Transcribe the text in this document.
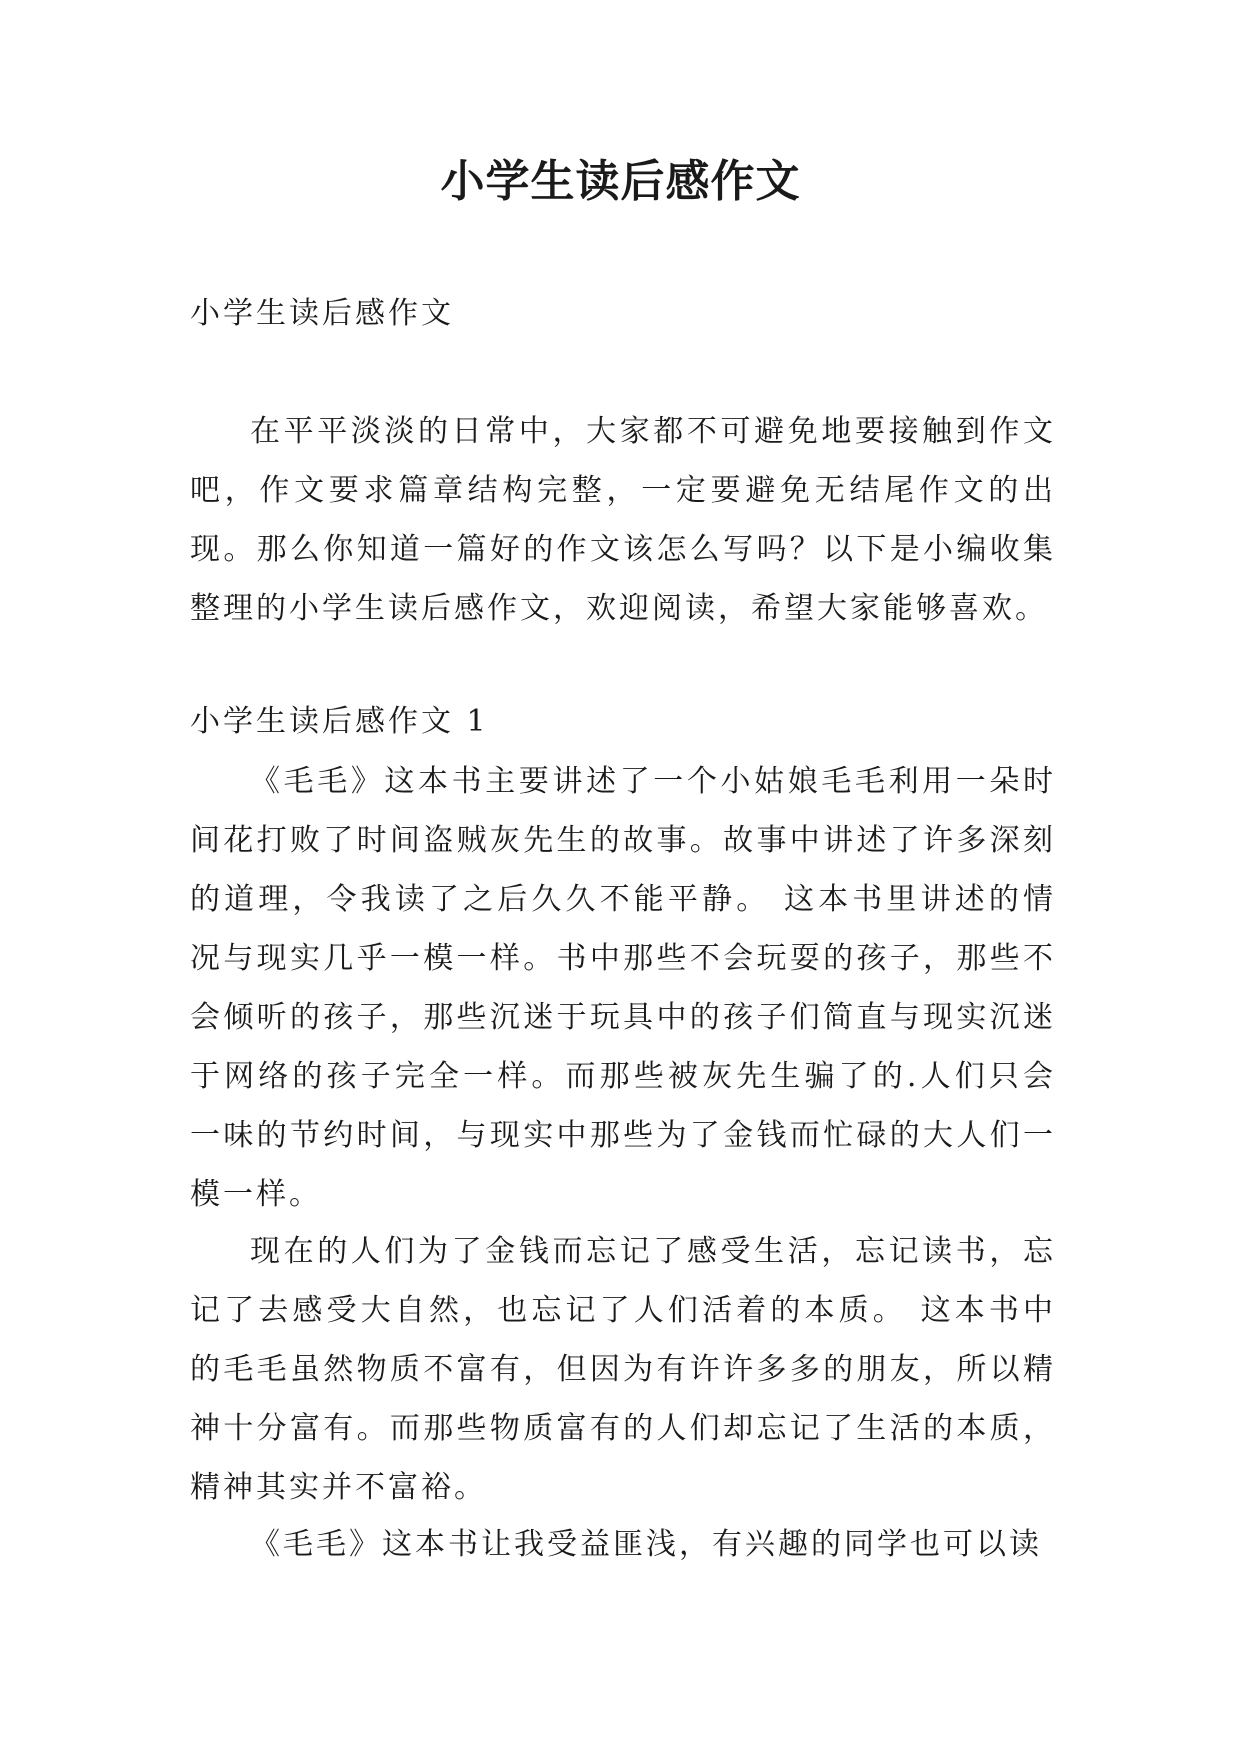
小学生读后感作文

小学生读后感作文

在平平淡淡的日常中，大家都不可避免地要接触到作文吧，作文要求篇章结构完整，一定要避免无结尾作文的出现。那么你知道一篇好的作文该怎么写吗？以下是小编收集整理的小学生读后感作文，欢迎阅读，希望大家能够喜欢。

小学生读后感作文 1

《毛毛》这本书主要讲述了一个小姑娘毛毛利用一朵时间花打败了时间盗贼灰先生的故事。故事中讲述了许多深刻的道理，令我读了之后久久不能平静。 这本书里讲述的情况与现实几乎一模一样。书中那些不会玩耍的孩子，那些不会倾听的孩子，那些沉迷于玩具中的孩子们简直与现实沉迷于网络的孩子完全一样。而那些被灰先生骗了的.人们只会一味的节约时间，与现实中那些为了金钱而忙碌的大人们一模一样。

现在的人们为了金钱而忘记了感受生活，忘记读书，忘记了去感受大自然，也忘记了人们活着的本质。 这本书中的毛毛虽然物质不富有，但因为有许许多多的朋友，所以精神十分富有。而那些物质富有的人们却忘记了生活的本质，精神其实并不富裕。

《毛毛》这本书让我受益匪浅，有兴趣的同学也可以读
